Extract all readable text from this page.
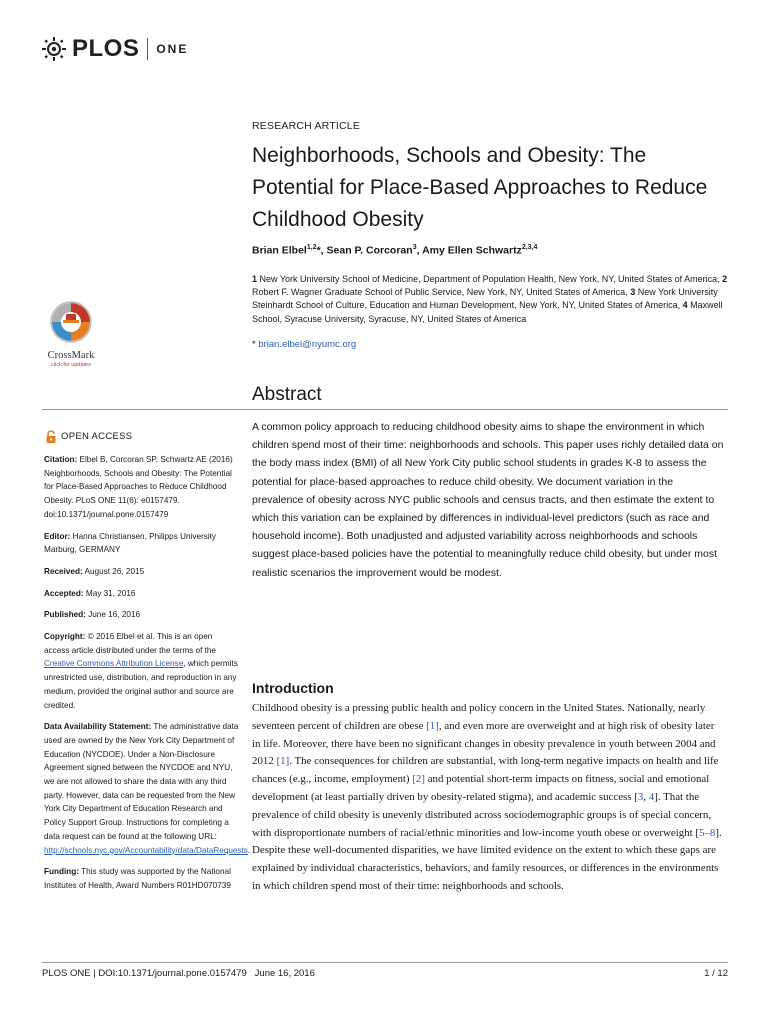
PLOS ONE
RESEARCH ARTICLE
Neighborhoods, Schools and Obesity: The Potential for Place-Based Approaches to Reduce Childhood Obesity
Brian Elbel$^{1,2}$*, Sean P. Corcoran$^3$, Amy Ellen Schwartz$^{2,3,4}$
1 New York University School of Medicine, Department of Population Health, New York, NY, United States of America, 2 Robert F. Wagner Graduate School of Public Service, New York, NY, United States of America, 3 New York University Steinhardt School of Culture, Education and Human Development, New York, NY, United States of America, 4 Maxwell School, Syracuse University, Syracuse, NY, United States of America
* brian.elbel@nyumc.org
CrossMark
click for updates
Abstract
A common policy approach to reducing childhood obesity aims to shape the environment in which children spend most of their time: neighborhoods and schools. This paper uses richly detailed data on the body mass index (BMI) of all New York City public school students in grades K-8 to assess the potential for place-based approaches to reduce child obesity. We document variation in the prevalence of obesity across NYC public schools and census tracts, and then estimate the extent to which this variation can be explained by differences in individual-level predictors (such as race and household income). Both unadjusted and adjusted variability across neighborhoods and schools suggest place-based policies have the potential to meaningfully reduce child obesity, but under most realistic scenarios the improvement would be modest.
OPEN ACCESS
Citation: Elbel B, Corcoran SP, Schwartz AE (2016) Neighborhoods, Schools and Obesity: The Potential for Place-Based Approaches to Reduce Childhood Obesity. PLoS ONE 11(6): e0157479. doi:10.1371/journal.pone.0157479
Editor: Hanna Christiansen, Philipps University Marburg, GERMANY
Received: August 26, 2015
Accepted: May 31, 2016
Published: June 16, 2016
Copyright: © 2016 Elbel et al. This is an open access article distributed under the terms of the Creative Commons Attribution License, which permits unrestricted use, distribution, and reproduction in any medium, provided the original author and source are credited.
Data Availability Statement: The administrative data used are owned by the New York City Department of Education (NYCDOE). Under a Non-Disclosure Agreement signed between the NYCDOE and NYU, we are not allowed to share the data with any third party. However, data can be requested from the New York City Department of Education Research and Policy Support Group. Instructions for completing a data request can be found at the following URL: http://schools.nyc.gov/Accountability/data/DataRequests.
Funding: This study was supported by the National Institutes of Health, Award Numbers R01HD070739
Introduction
Childhood obesity is a pressing public health and policy concern in the United States. Nationally, nearly seventeen percent of children are obese [1], and even more are overweight and at high risk of obesity later in life. Moreover, there have been no significant changes in obesity prevalence in youth between 2004 and 2012 [1]. The consequences for children are substantial, with long-term negative impacts on health and life chances (e.g., income, employment) [2] and potential short-term impacts on fitness, social and emotional development (at least partially driven by obesity-related stigma), and academic success [3, 4]. That the prevalence of child obesity is unevenly distributed across sociodemographic groups is of special concern, with disproportionate numbers of racial/ethnic minorities and low-income youth obese or overweight [5–8]. Despite these well-documented disparities, we have limited evidence on the extent to which these gaps are explained by individual characteristics, behaviors, and family resources, or differences in the environments in which children spend most of their time: neighborhoods and schools.
PLOS ONE | DOI:10.1371/journal.pone.0157479   June 16, 2016	1 / 12
